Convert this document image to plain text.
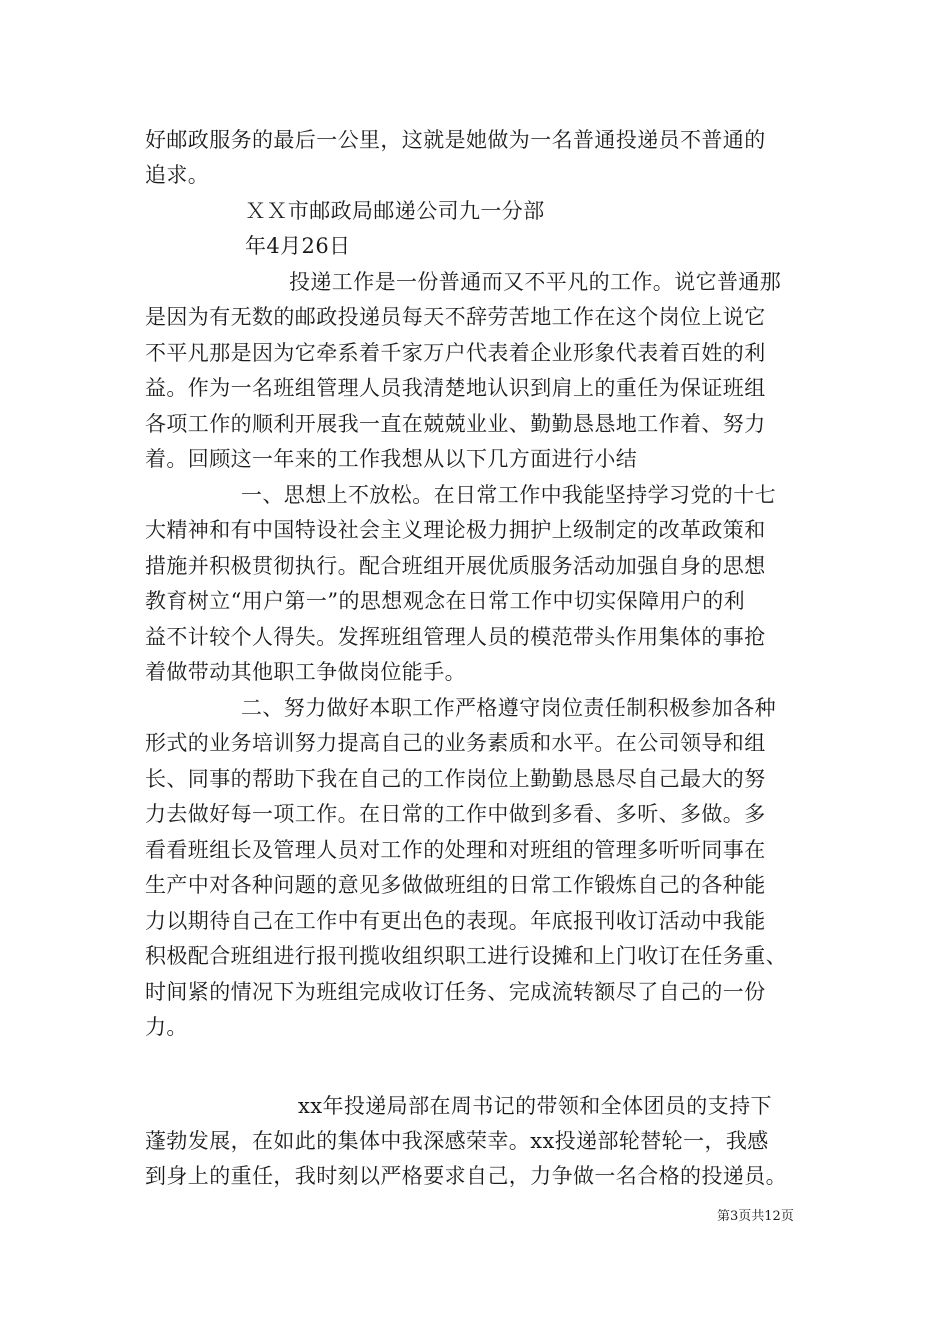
好邮政服务的最后一公里，这就是她做为一名普通投递员不普通的
追求。
ＸＸ市邮政局邮递公司九一分部
年4月26日
投递工作是一份普通而又不平凡的工作。说它普通那
是因为有无数的邮政投递员每天不辞劳苦地工作在这个岗位上说它
不平凡那是因为它牵系着千家万户代表着企业形象代表着百姓的利
益。作为一名班组管理人员我清楚地认识到肩上的重任为保证班组
各项工作的顺利开展我一直在兢兢业业、勤勤恳恳地工作着、努力
着。回顾这一年来的工作我想从以下几方面进行小结
一、思想上不放松。在日常工作中我能坚持学习党的十七
大精神和有中国特设社会主义理论极力拥护上级制定的改革政策和
措施并积极贯彻执行。配合班组开展优质服务活动加强自身的思想
教育树立“用户第一”的思想观念在日常工作中切实保障用户的利
益不计较个人得失。发挥班组管理人员的模范带头作用集体的事抢
着做带动其他职工争做岗位能手。
二、努力做好本职工作严格遵守岗位责任制积极参加各种
形式的业务培训努力提高自己的业务素质和水平。在公司领导和组
长、同事的帮助下我在自己的工作岗位上勤勤恳恳尽自己最大的努
力去做好每一项工作。在日常的工作中做到多看、多听、多做。多
看看班组长及管理人员对工作的处理和对班组的管理多听听同事在
生产中对各种问题的意见多做做班组的日常工作锻炼自己的各种能
力以期待自己在工作中有更出色的表现。年底报刊收订活动中我能
积极配合班组进行报刊揽收组织职工进行设摊和上门收订在任务重、
时间紧的情况下为班组完成收订任务、完成流转额尽了自己的一份
力。
xx年投递局部在周书记的带领和全体团员的支持下
蓬勃发展，在如此的集体中我深感荣幸。xx投递部轮替轮一，我感
到身上的重任，我时刻以严格要求自己，力争做一名合格的投递员。
第3页共12页
